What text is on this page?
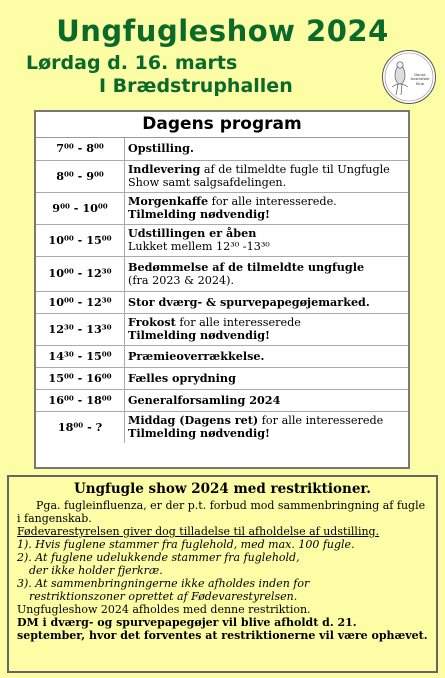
Ungfugleshow 2024
Lørdag d. 16. marts
I Brædstruphallen	Dansk Australske Klub
Dagens program
7⁰⁰ - 8⁰⁰	Opstilling.
8⁰⁰ - 9⁰⁰	Indlevering af de tilmeldte fugle til Ungfugle Show samt salgsafdelingen.
9⁰⁰ - 10⁰⁰	Morgenkaffe for alle interesserede.
Tilmelding nødvendig!
10⁰⁰ - 15⁰⁰	Udstillingen er åben
Lukket mellem 12³⁰ -13³⁰
10⁰⁰ - 12³⁰	Bedømmelse af de tilmeldte ungfugle
(fra 2023 & 2024).
10⁰⁰ - 12³⁰	Stor dværg- & spurvepapegøjemarked.
12³⁰ - 13³⁰	Frokost for alle interesserede
Tilmelding nødvendig!
14³⁰ - 15⁰⁰	Præmieoverrækkelse.
15⁰⁰ - 16⁰⁰	Fælles oprydning
16⁰⁰ - 18⁰⁰	Generalforsamling 2024
18⁰⁰ - ?	Middag (Dagens ret) for alle interesserede
Tilmelding nødvendig!
Ungfugle show 2024 med restriktioner.

Pga. fugleinfluenza, er der p.t. forbud mod sammenbringning af fugle i fangenskab.

Fødevarestyrelsen giver dog tilladelse til afholdelse af udstilling.

1). Hvis fuglene stammer fra fuglehold, med max. 100 fugle.

2). At fuglene udelukkende stammer fra fuglehold,

der ikke holder fjerkræ.

3). At sammenbringningerne ikke afholdes inden for

restriktionszoner oprettet af Fødevarestyrelsen.

Ungfugleshow 2024 afholdes med denne restriktion.

DM i dværg- og spurvepapegøjer vil blive afholdt d. 21. september, hvor det forventes at restriktionerne vil være ophævet.
